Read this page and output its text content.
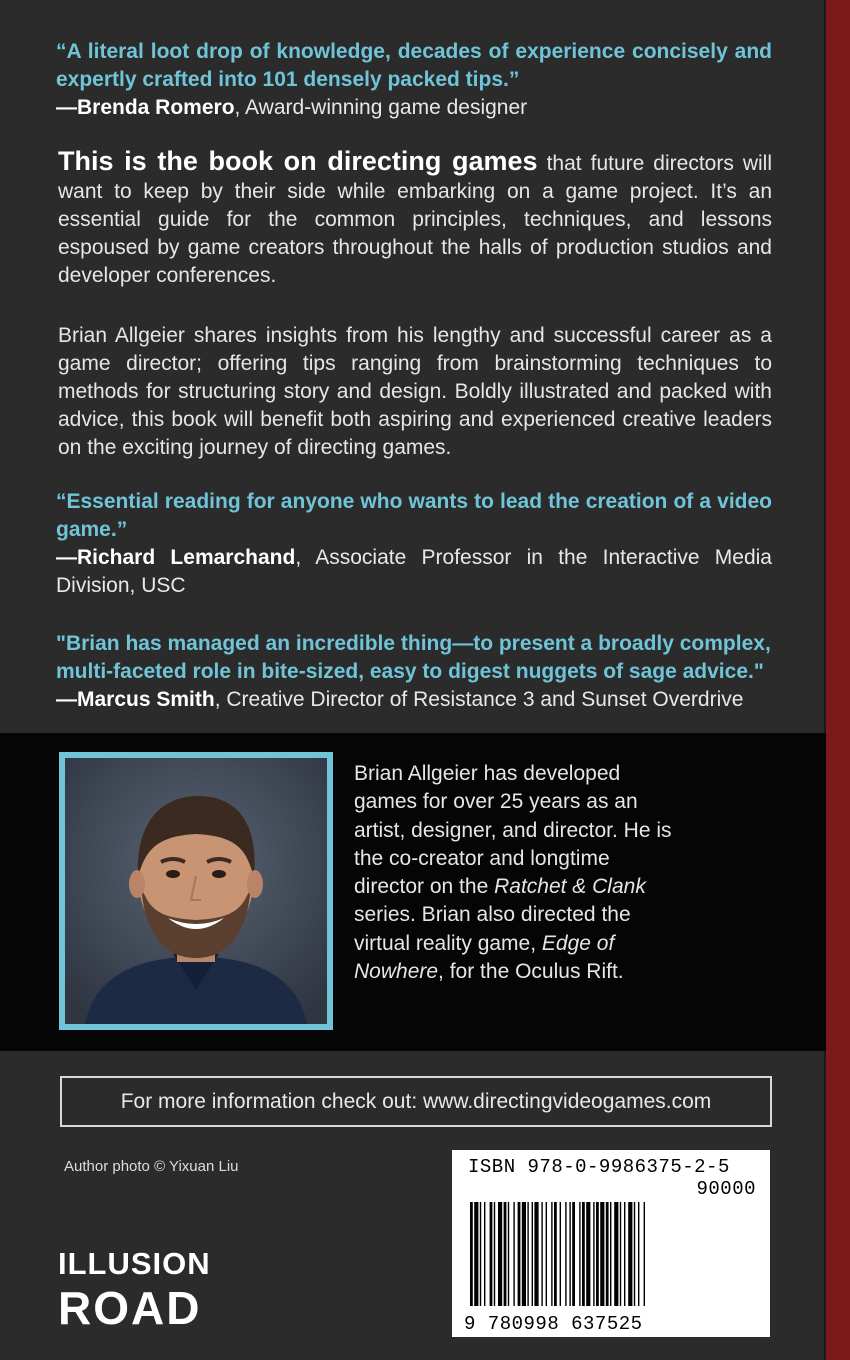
“A literal loot drop of knowledge, decades of experience concisely and expertly crafted into 101 densely packed tips.”
—Brenda Romero, Award-winning game designer
This is the book on directing games that future directors will want to keep by their side while embarking on a game project. It’s an essential guide for the common principles, techniques, and lessons espoused by game creators throughout the halls of production studios and developer conferences.
Brian Allgeier shares insights from his lengthy and successful career as a game director; offering tips ranging from brainstorming techniques to methods for structuring story and design. Boldly illustrated and packed with advice, this book will benefit both aspiring and experienced creative leaders on the exciting journey of directing games.
“Essential reading for anyone who wants to lead the creation of a video game.”
—Richard Lemarchand, Associate Professor in the Interactive Media Division, USC
"Brian has managed an incredible thing—to present a broadly complex, multi-faceted role in bite-sized, easy to digest nuggets of sage advice."
—Marcus Smith, Creative Director of Resistance 3 and Sunset Overdrive
Brian Allgeier has developed games for over 25 years as an artist, designer, and director. He is the co-creator and longtime director on the Ratchet & Clank series. Brian also directed the virtual reality game, Edge of Nowhere, for the Oculus Rift.
For more information check out: www.directingvideogames.com
Author photo © Yixuan Liu
ILLUSION
ROAD
ISBN 978-0-9986375-2-5
90000
9 780998 637525
